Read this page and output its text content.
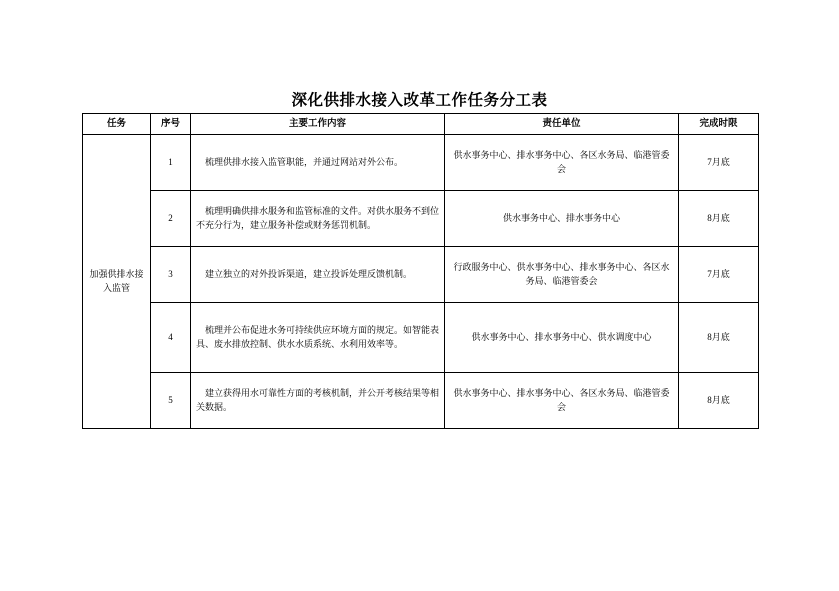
深化供排水接入改革工作任务分工表
任务	序号	主要工作内容	责任单位	完成时限
加强供排水接入监管	1	梳理供排水接入监管职能，并通过网站对外公布。	供水事务中心、排水事务中心、各区水务局、临港管委会	7月底
	2	梳理明确供排水服务和监管标准的文件。对供水服务不到位不充分行为，建立服务补偿或财务惩罚机制。	供水事务中心、排水事务中心	8月底
	3	建立独立的对外投诉渠道，建立投诉处理反馈机制。	行政服务中心、供水事务中心、排水事务中心、各区水务局、临港管委会	7月底
	4	梳理并公布促进水务可持续供应环境方面的规定。如智能表具、废水排放控制、供水水质系统、水利用效率等。	供水事务中心、排水事务中心、供水调度中心	8月底
	5	建立获得用水可靠性方面的考核机制，并公开考核结果等相关数据。	供水事务中心、排水事务中心、各区水务局、临港管委会	8月底
